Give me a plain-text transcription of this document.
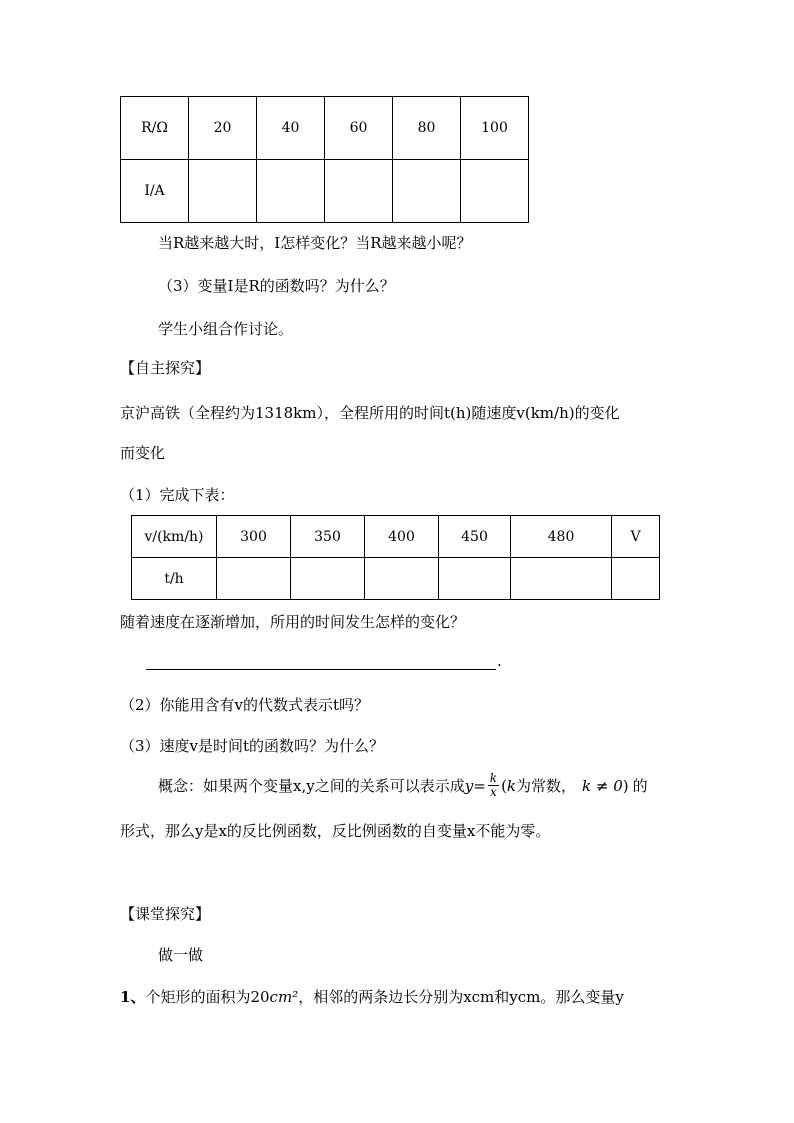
R/Ω	20	40	60	80	100
I/A					
当R越来越大时，I怎样变化？当R越来越小呢？
（3）变量I是R的函数吗？为什么？
学生小组合作讨论。
【自主探究】
京沪高铁（全程约为1318km），全程所用的时间t(h)随速度v(km/h)的变化
而变化
（1）完成下表：
v/(km/h)	300	350	400	450	480	V
t/h						
随着速度在逐渐增加，所用的时间发生怎样的变化？
.
（2）你能用含有v的代数式表示t吗？
（3）速度v是时间t的函数吗？为什么？
概念：如果两个变量x,y之间的关系可以表示成 $y = \frac{k}{x}$ ( k 为常数， k ≠ 0 ) 的
形式，那么y是x的反比例函数，反比例函数的自变量x不能为零。
【课堂探究】
做一做
1、个矩形的面积为20cm²，相邻的两条边长分别为xcm和ycm。那么变量y
